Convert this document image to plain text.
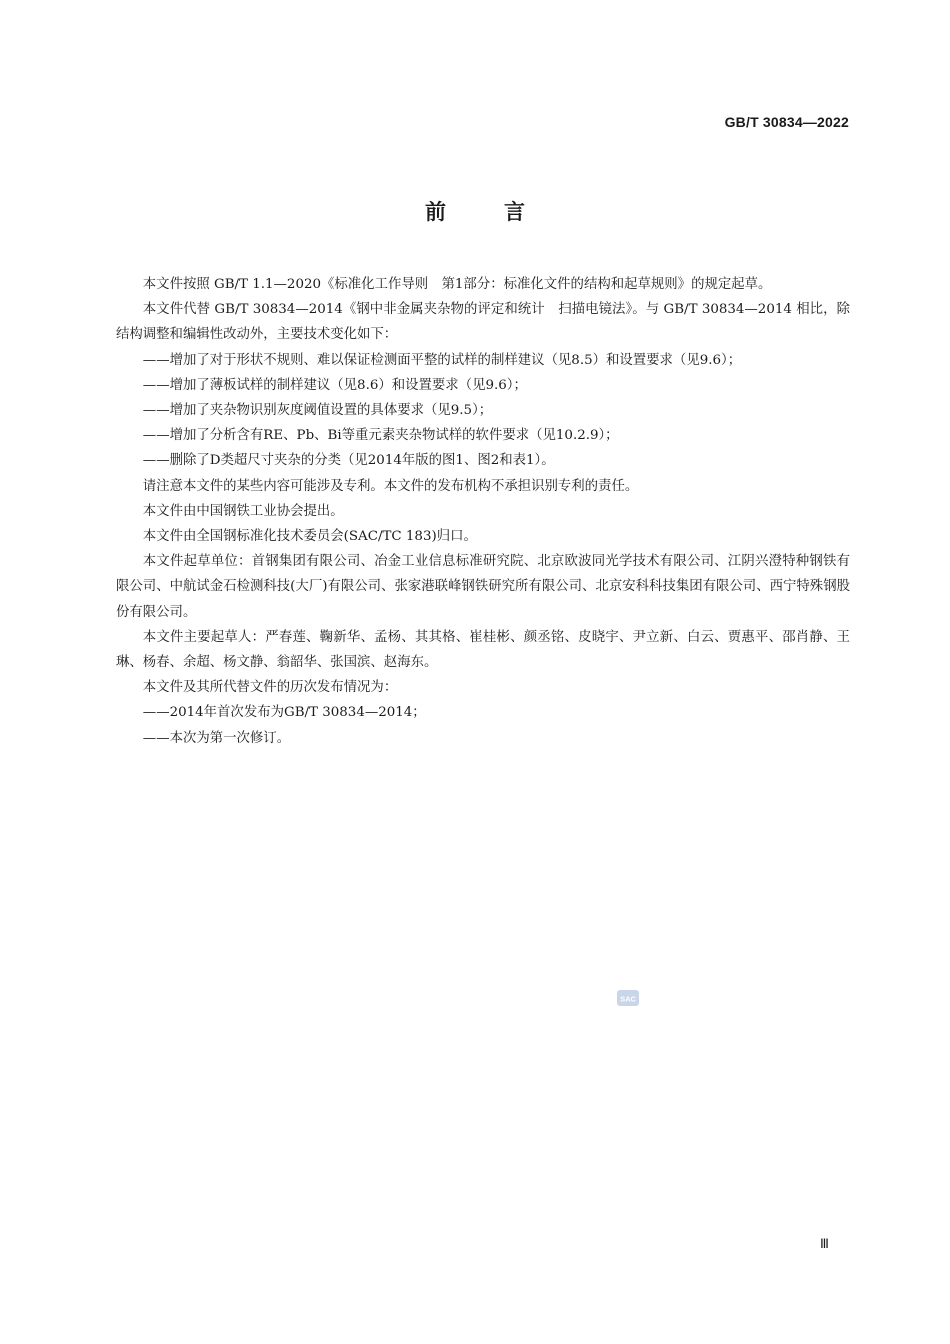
GB/T 30834—2022
前	言

本文件按照 GB/T 1.1—2020《标准化工作导则　第1部分：标准化文件的结构和起草规则》的规定起草。

本文件代替 GB/T 30834—2014《钢中非金属夹杂物的评定和统计　扫描电镜法》。与 GB/T 30834—2014 相比，除结构调整和编辑性改动外，主要技术变化如下：

——增加了对于形状不规则、难以保证检测面平整的试样的制样建议（见8.5）和设置要求（见9.6）；

——增加了薄板试样的制样建议（见8.6）和设置要求（见9.6）；

——增加了夹杂物识别灰度阈值设置的具体要求（见9.5）；

——增加了分析含有RE、Pb、Bi等重元素夹杂物试样的软件要求（见10.2.9）；

——删除了D类超尺寸夹杂的分类（见2014年版的图1、图2和表1）。

请注意本文件的某些内容可能涉及专利。本文件的发布机构不承担识别专利的责任。

本文件由中国钢铁工业协会提出。

本文件由全国钢标准化技术委员会(SAC/TC 183)归口。

本文件起草单位：首钢集团有限公司、冶金工业信息标准研究院、北京欧波同光学技术有限公司、江阴兴澄特种钢铁有限公司、中航试金石检测科技(大厂)有限公司、张家港联峰钢铁研究所有限公司、北京安科科技集团有限公司、西宁特殊钢股份有限公司。

本文件主要起草人：严春莲、鞠新华、孟杨、其其格、崔桂彬、颜丞铭、皮晓宇、尹立新、白云、贾惠平、邵肖静、王琳、杨春、余超、杨文静、翁韶华、张国滨、赵海东。

本文件及其所代替文件的历次发布情况为：

——2014年首次发布为GB/T 30834—2014；

——本次为第一次修订。

SAC
Ⅲ
